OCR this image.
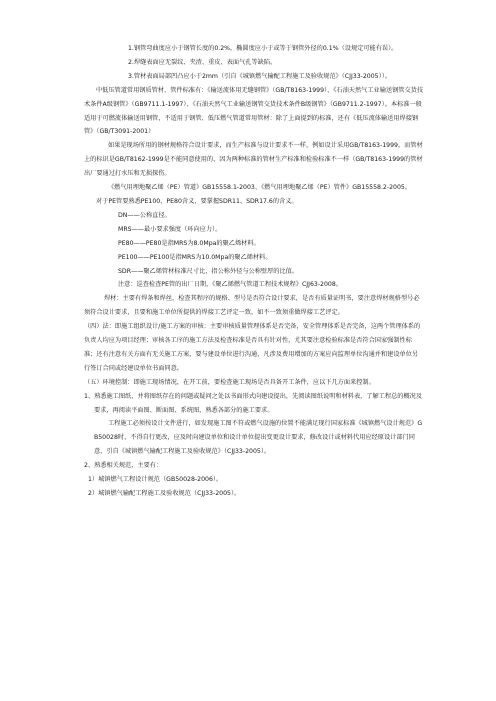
1.钢管弯曲度应小于钢管长度的0.2%，椭圆度应小于或等于钢管外径的0.1%（设规定可能有误）。

2.焊缝表面应无裂纹、夹渣、重皮、表面气孔等缺陷。

3.管材表面局部凹凸应小于2mm（引自《城镇燃气输配工程施工及验收规范》（CJJ33-2005））。

中低压管道常用钢质管材、管件标准有：《输送流体用无缝钢管》（GB/T8163-1999）、《石油天然气工业输送钢管交货技术条件A级钢管》（GB9711.1-1997）、《石油天然气工业输送钢管交货技术条件B级钢管》（GB9711.2-1997）。本标准一般适用于可燃流体输送用钢管，不适用于钢管、低压燃气管道常用管材：除了上面提到的标准，还有《低压流体输送用焊接钢管》（GB/T3091-2001）

如果是现场所用的钢材规格符合设计要求，而生产标准与设计要求不一样，例如设计采用GB/T8163-1999，而管材上的标识是GB/T8162-1999是不能同意使用的，因为两种标准的管材生产标准和检验标准不一样（GB/T8163-1999的管材出厂要通过打水压和无损探伤。

《燃气用埋地聚乙烯（PE）管道》GB15558.1-2003、《燃气用埋地聚乙烯（PE）管件》GB15558.2-2005。

对于PE管要熟悉PE100、PE80含义，要掌握SDR11、SDR17.6的含义。

DN——公称直径。

MRS——最小要求强度（环向应力）。

PE80——PE80是指MRS为8.0Mpa的聚乙烯材料。

PE100——PE100是指MRS为10.0Mpa的聚乙烯材料。

SDR——聚乙烯管材标准尺寸比，指公称外径与公称壁厚的比值。

注意：巡查检查PE管的出厂日期，《聚乙烯燃气管道工程技术规程》CJJ63-2008。

焊材：主要有焊条和焊丝，检查其程序的规格、型号是否符合设计要求，是否有质量证明书，要注意焊材规格型号必须符合设计要求，且要和施工单位所提供的焊接工艺评定一致，如不一致须重做焊接工艺评定。

（四）法：即施工组织设计/施工方案的审核：主要审核质量管理体系是否完备，安全管理体系是否完备，这两个管理体系的负责人均应为项目经理；审核各工序的施工方法及检查标准是否具有针对性，尤其要注意检验标准是否符合国家强制性标准；还有注意有关方面有无关施工方案，要与建设单位进行沟通，凡涉及费用增加的方案应向监理单位沟通并和建设单位另行签订合同或经建设单位书面同意。

（五）环境控制：即施工现场情况，在开工前，要检查施工现场是否具备开工条件，应以下几方面来控制。

1、熟悉施工图纸，并将图纸存在的问题或疑问之处以书面形式向建设提出，先阅读图纸说明和材料表，了解工程总的概况及要求，再阅读平面图、断面图、系统图，熟悉各部分的施工要求。

工程施工必须按设计文件进行，如发现施工图不符或燃气设施的位置不能满足现行国家标准《城镇燃气设计规范》GB50028时，不得自行更改，应及时向建设单位和设计单位提出变更设计要求，修改设计或材料代用应经原设计部门同意，引自《城镇燃气输配工程施工及验收规范》（CJJ33-2005）。

2、熟悉相关规范，主要有：

1）城镇燃气工程设计规范（GB50028-2006）。

2）城镇燃气输配工程施工及验收规范（CJJ33-2005）。
